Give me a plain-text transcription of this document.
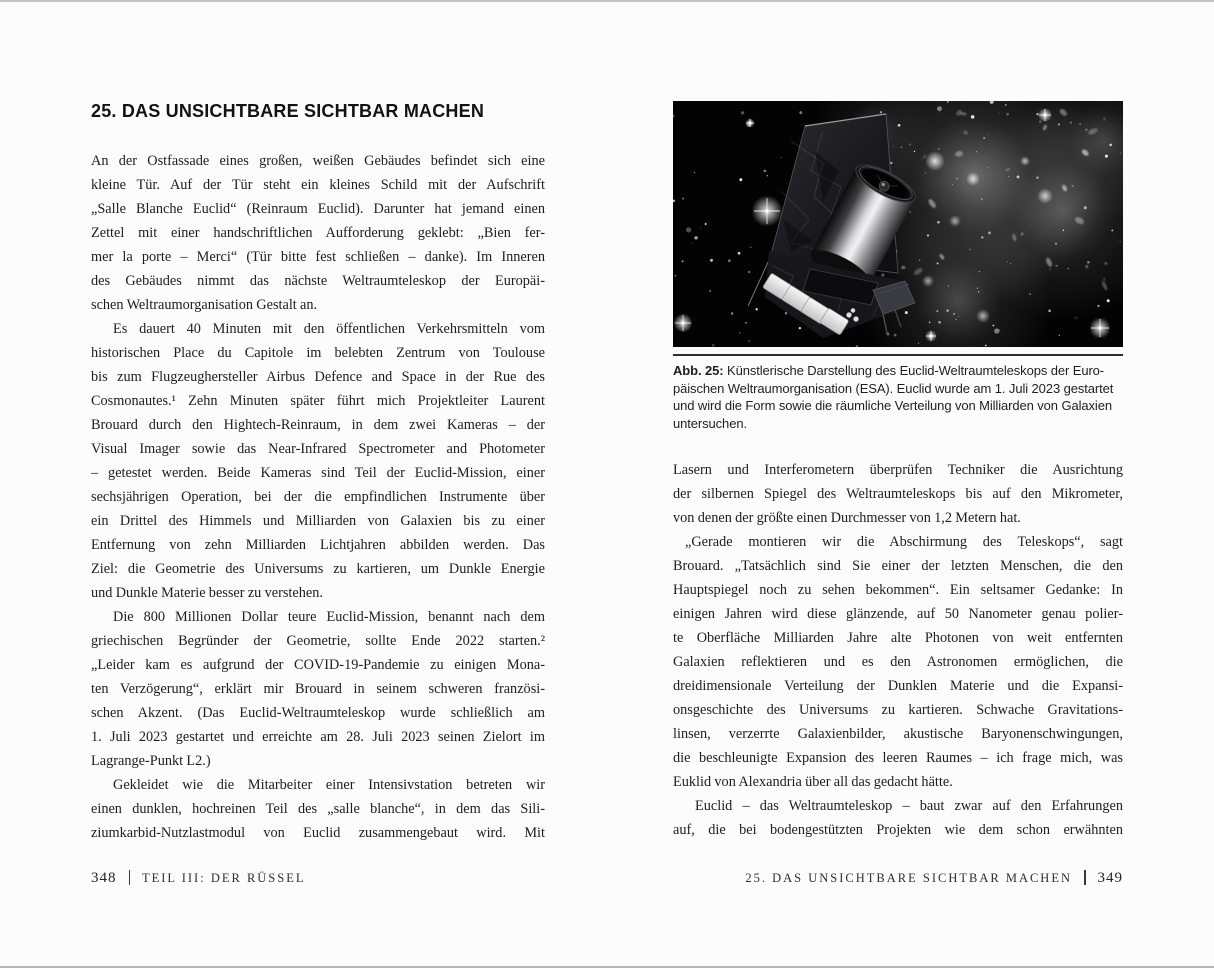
25. DAS UNSICHTBARE SICHTBAR MACHEN

An der Ostfassade eines großen, weißen Gebäudes befindet sich eine
kleine Tür. Auf der Tür steht ein kleines Schild mit der Aufschrift
„Salle Blanche Euclid“ (Reinraum Euclid). Darunter hat jemand einen
Zettel mit einer handschriftlichen Aufforderung geklebt: „Bien fer-
mer la porte – Merci“ (Tür bitte fest schließen – danke). Im Inneren
des Gebäudes nimmt das nächste Weltraumteleskop der Europäi-
schen Weltraumorganisation Gestalt an.

Es dauert 40 Minuten mit den öffentlichen Verkehrsmitteln vom
historischen Place du Capitole im belebten Zentrum von Toulouse
bis zum Flugzeughersteller Airbus Defence and Space in der Rue des
Cosmonautes.¹ Zehn Minuten später führt mich Projektleiter Laurent
Brouard durch den Hightech-Reinraum, in dem zwei Kameras – der
Visual Imager sowie das Near-Infrared Spectrometer and Photometer
– getestet werden. Beide Kameras sind Teil der Euclid-Mission, einer
sechsjährigen Operation, bei der die empfindlichen Instrumente über
ein Drittel des Himmels und Milliarden von Galaxien bis zu einer
Entfernung von zehn Milliarden Lichtjahren abbilden werden. Das
Ziel: die Geometrie des Universums zu kartieren, um Dunkle Energie
und Dunkle Materie besser zu verstehen.

Die 800 Millionen Dollar teure Euclid-Mission, benannt nach dem
griechischen Begründer der Geometrie, sollte Ende 2022 starten.²
„Leider kam es aufgrund der COVID-19-Pandemie zu einigen Mona-
ten Verzögerung“, erklärt mir Brouard in seinem schweren französi-
schen Akzent. (Das Euclid-Weltraumteleskop wurde schließlich am
1. Juli 2023 gestartet und erreichte am 28. Juli 2023 seinen Zielort im
Lagrange-Punkt L2.)

Gekleidet wie die Mitarbeiter einer Intensivstation betreten wir
einen dunklen, hochreinen Teil des „salle blanche“, in dem das Sili-
ziumkarbid-Nutzlastmodul von Euclid zusammengebaut wird. Mit

Abb. 25: Künstlerische Darstellung des Euclid-Weltraumteleskops der Euro-
päischen Weltraumorganisation (ESA). Euclid wurde am 1. Juli 2023 gestartet
und wird die Form sowie die räumliche Verteilung von Milliarden von Galaxien
untersuchen.

Lasern und Interferometern überprüfen Techniker die Ausrichtung
der silbernen Spiegel des Weltraumteleskops bis auf den Mikrometer,
von denen der größte einen Durchmesser von 1,2 Metern hat.

„Gerade montieren wir die Abschirmung des Teleskops“, sagt
Brouard. „Tatsächlich sind Sie einer der letzten Menschen, die den
Hauptspiegel noch zu sehen bekommen“. Ein seltsamer Gedanke: In
einigen Jahren wird diese glänzende, auf 50 Nanometer genau polier-
te Oberfläche Milliarden Jahre alte Photonen von weit entfernten
Galaxien reflektieren und es den Astronomen ermöglichen, die
dreidimensionale Verteilung der Dunklen Materie und die Expansi-
onsgeschichte des Universums zu kartieren. Schwache Gravitations-
linsen, verzerrte Galaxienbilder, akustische Baryonenschwingungen,
die beschleunigte Expansion des leeren Raumes – ich frage mich, was
Euklid von Alexandria über all das gedacht hätte.

Euclid – das Weltraumteleskop – baut zwar auf den Erfahrungen
auf, die bei bodengestützten Projekten wie dem schon erwähnten

348 TEIL III: DER RÜSSEL	25. DAS UNSICHTBARE SICHTBAR MACHEN 349
